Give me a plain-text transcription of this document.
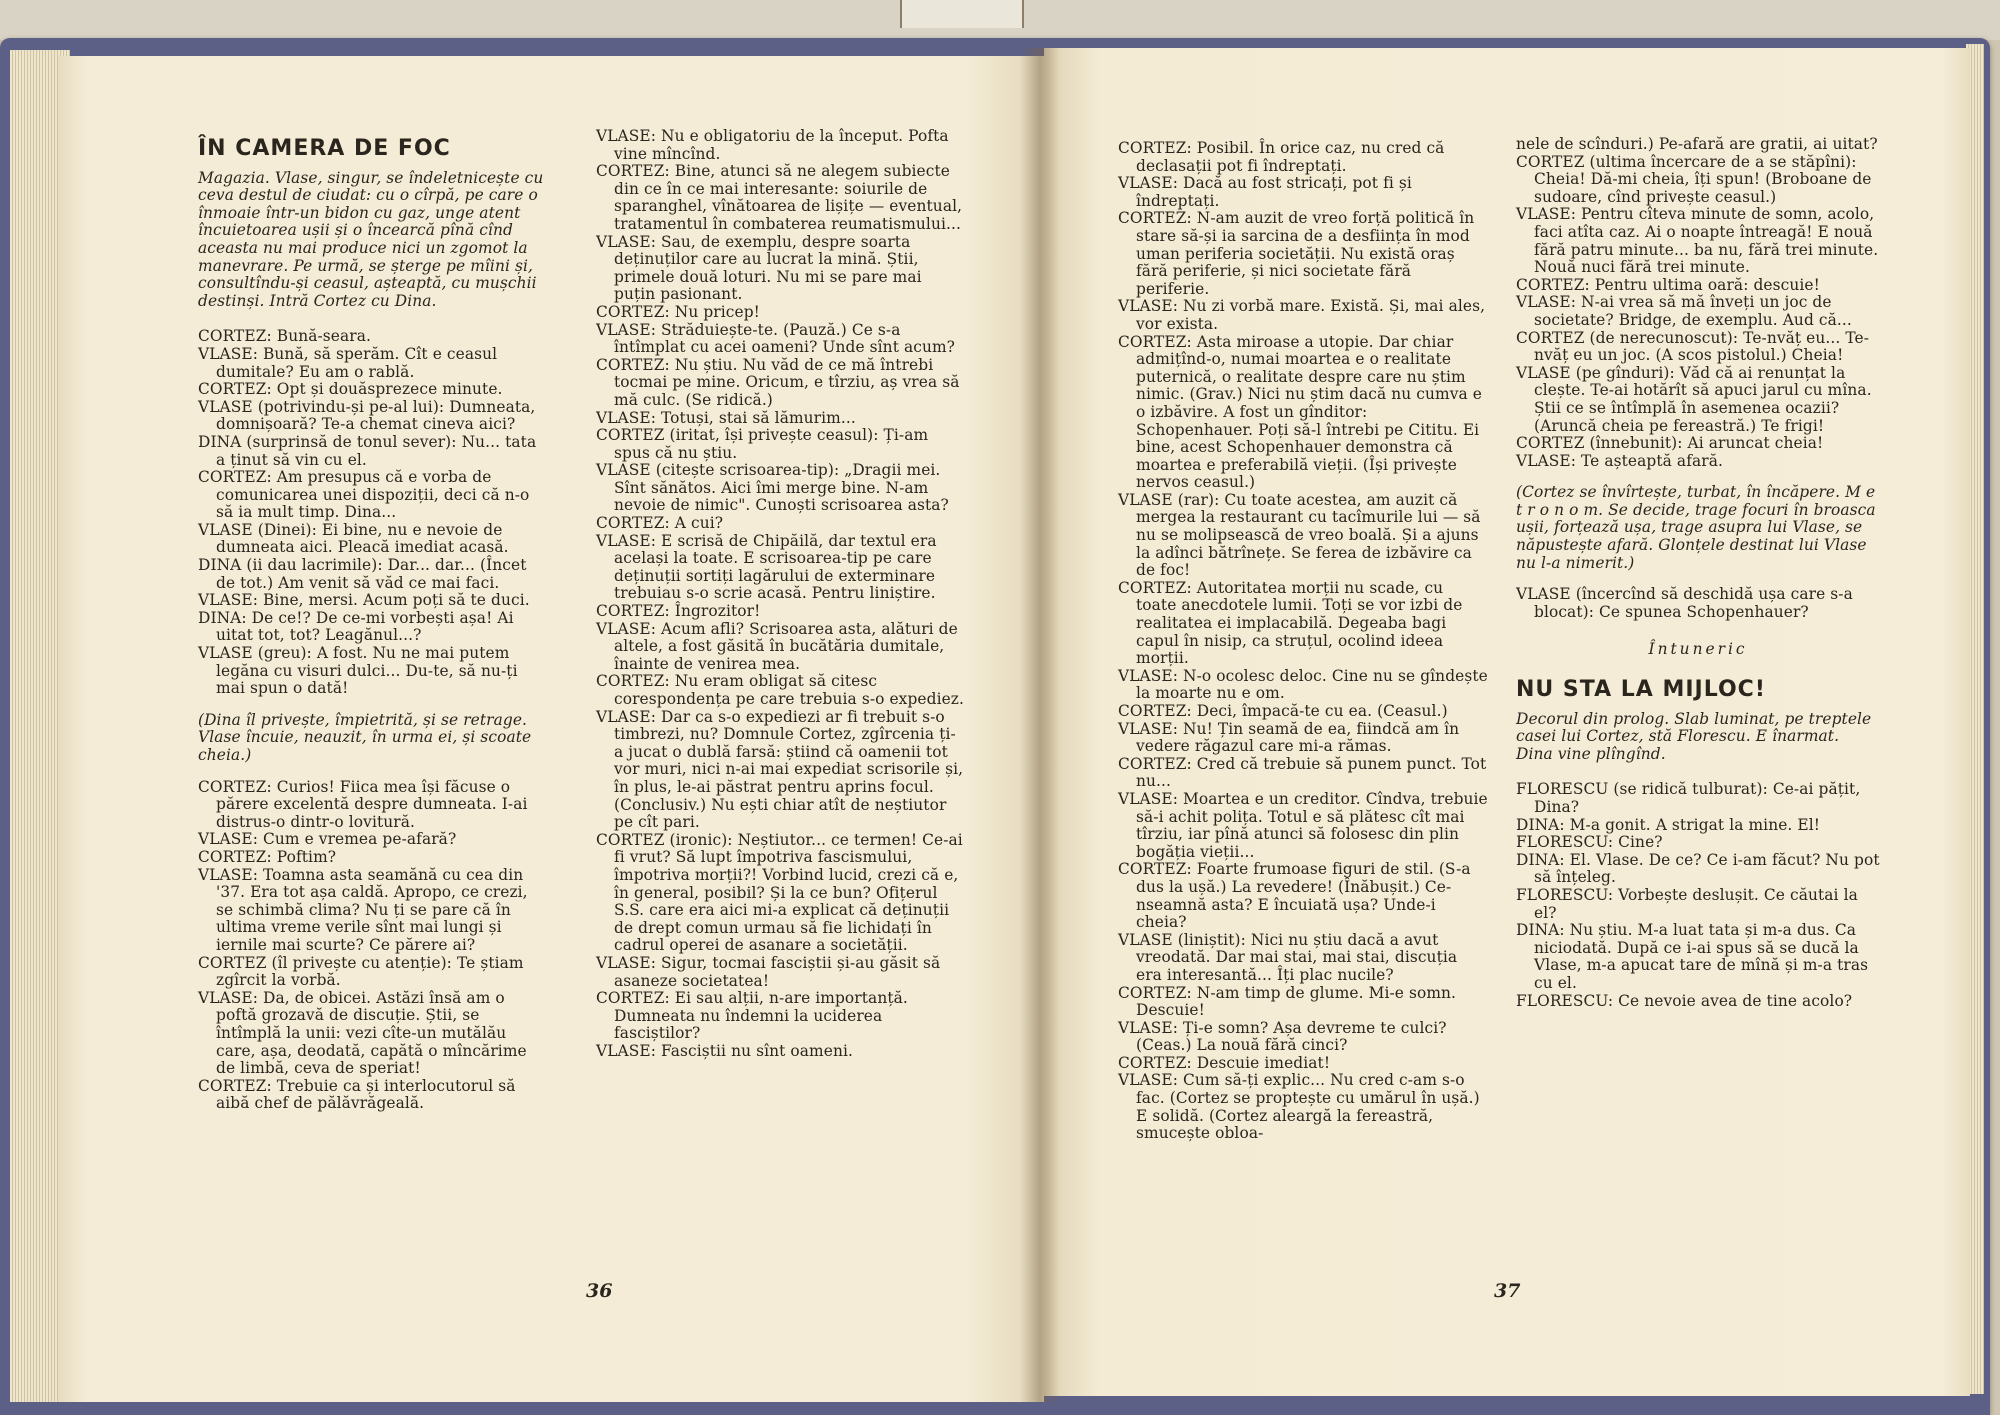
ÎN CAMERA DE FOC

Magazia. Vlase, singur, se îndeletnicește cu ceva destul de ciudat: cu o cîrpă, pe care o înmoaie într-un bidon cu gaz, unge atent încuietoarea ușii și o încearcă pînă cînd aceasta nu mai produce nici un zgomot la manevrare. Pe urmă, se șterge pe mîini și, consultîndu-și ceasul, așteaptă, cu mușchii destinși. Intră Cortez cu Dina.

CORTEZ: Bună-seara.

VLASE: Bună, să sperăm. Cît e ceasul dumitale? Eu am o rablă.

CORTEZ: Opt și douăsprezece minute.

VLASE (potrivindu-și pe-al lui): Dumneata, domnișoară? Te-a chemat cineva aici?

DINA (surprinsă de tonul sever): Nu... tata a ținut să vin cu el.

CORTEZ: Am presupus că e vorba de comunicarea unei dispoziții, deci că n-o să ia mult timp. Dina...

VLASE (Dinei): Ei bine, nu e nevoie de dumneata aici. Pleacă imediat acasă.

DINA (ii dau lacrimile): Dar... dar... (Încet de tot.) Am venit să văd ce mai faci.

VLASE: Bine, mersi. Acum poți să te duci.

DINA: De ce!? De ce-mi vorbești așa! Ai uitat tot, tot? Leagănul...?

VLASE (greu): A fost. Nu ne mai putem legăna cu visuri dulci... Du-te, să nu-ți mai spun o dată!

(Dina îl privește, împietrită, și se retrage. Vlase încuie, neauzit, în urma ei, și scoate cheia.)

CORTEZ: Curios! Fiica mea își făcuse o părere excelentă despre dumneata. I-ai distrus-o dintr-o lovitură.

VLASE: Cum e vremea pe-afară?

CORTEZ: Poftim?

VLASE: Toamna asta seamănă cu cea din '37. Era tot așa caldă. Apropo, ce crezi, se schimbă clima? Nu ți se pare că în ultima vreme verile sînt mai lungi și iernile mai scurte? Ce părere ai?

CORTEZ (îl privește cu atenție): Te știam zgîrcit la vorbă.

VLASE: Da, de obicei. Astăzi însă am o poftă grozavă de discuție. Știi, se întîmplă la unii: vezi cîte-un mutălău care, așa, deodată, capătă o mîncărime de limbă, ceva de speriat!

CORTEZ: Trebuie ca și interlocutorul să aibă chef de pălăvrăgeală.

VLASE: Nu e obligatoriu de la început. Pofta vine mîncînd.

CORTEZ: Bine, atunci să ne alegem subiecte din ce în ce mai interesante: soiurile de sparanghel, vînătoarea de lișițe — eventual, tratamentul în combaterea reumatismului...

VLASE: Sau, de exemplu, despre soarta deținuților care au lucrat la mină. Știi, primele două loturi. Nu mi se pare mai puțin pasionant.

CORTEZ: Nu pricep!

VLASE: Străduiește-te. (Pauză.) Ce s-a întîmplat cu acei oameni? Unde sînt acum?

CORTEZ: Nu știu. Nu văd de ce mă întrebi tocmai pe mine. Oricum, e tîrziu, aș vrea să mă culc. (Se ridică.)

VLASE: Totuși, stai să lămurim...

CORTEZ (iritat, își privește ceasul): Ți-am spus că nu știu.

VLASE (citește scrisoarea-tip): „Dragii mei. Sînt sănătos. Aici îmi merge bine. N-am nevoie de nimic". Cunoști scrisoarea asta?

CORTEZ: A cui?

VLASE: E scrisă de Chipăilă, dar textul era același la toate. E scrisoarea-tip pe care deținuții sortiți lagărului de exterminare trebuiau s-o scrie acasă. Pentru liniștire.

CORTEZ: Îngrozitor!

VLASE: Acum afli? Scrisoarea asta, alături de altele, a fost găsită în bucătăria dumitale, înainte de venirea mea.

CORTEZ: Nu eram obligat să citesc corespondența pe care trebuia s-o expediez.

VLASE: Dar ca s-o expediezi ar fi trebuit s-o timbrezi, nu? Domnule Cortez, zgîrcenia ți-a jucat o dublă farsă: știind că oamenii tot vor muri, nici n-ai mai expediat scrisorile și, în plus, le-ai păstrat pentru aprins focul. (Conclusiv.) Nu ești chiar atît de neștiutor pe cît pari.

CORTEZ (ironic): Neștiutor... ce termen! Ce-ai fi vrut? Să lupt împotriva fascismului, împotriva morții?! Vorbind lucid, crezi că e, în general, posibil? Și la ce bun? Ofițerul S.S. care era aici mi-a explicat că deținuții de drept comun urmau să fie lichidați în cadrul operei de asanare a societății.

VLASE: Sigur, tocmai fasciștii și-au găsit să asaneze societatea!

CORTEZ: Ei sau alții, n-are importanță. Dumneata nu îndemni la uciderea fasciștilor?

VLASE: Fasciștii nu sînt oameni.

36

CORTEZ: Posibil. În orice caz, nu cred că declasații pot fi îndreptați.

VLASE: Dacă au fost stricați, pot fi și îndreptați.

CORTEZ: N-am auzit de vreo forță politică în stare să-și ia sarcina de a desființa în mod uman periferia societății. Nu există oraș fără periferie, și nici societate fără periferie.

VLASE: Nu zi vorbă mare. Există. Și, mai ales, vor exista.

CORTEZ: Asta miroase a utopie. Dar chiar admițînd-o, numai moartea e o realitate puternică, o realitate despre care nu știm nimic. (Grav.) Nici nu știm dacă nu cumva e o izbăvire. A fost un gînditor: Schopenhauer. Poți să-l întrebi pe Cititu. Ei bine, acest Schopenhauer demonstra că moartea e preferabilă vieții. (Își privește nervos ceasul.)

VLASE (rar): Cu toate acestea, am auzit că mergea la restaurant cu tacîmurile lui — să nu se molipsească de vreo boală. Și a ajuns la adînci bătrînețe. Se ferea de izbăvire ca de foc!

CORTEZ: Autoritatea morții nu scade, cu toate anecdotele lumii. Toți se vor izbi de realitatea ei implacabilă. Degeaba bagi capul în nisip, ca struțul, ocolind ideea morții.

VLASE: N-o ocolesc deloc. Cine nu se gîndește la moarte nu e om.

CORTEZ: Deci, împacă-te cu ea. (Ceasul.)

VLASE: Nu! Țin seamă de ea, fiindcă am în vedere răgazul care mi-a rămas.

CORTEZ: Cred că trebuie să punem punct. Tot nu...

VLASE: Moartea e un creditor. Cîndva, trebuie să-i achit polița. Totul e să plătesc cît mai tîrziu, iar pînă atunci să folosesc din plin bogăția vieții...

CORTEZ: Foarte frumoase figuri de stil. (S-a dus la ușă.) La revedere! (Înăbușit.) Ce-nseamnă asta? E încuiată ușa? Unde-i cheia?

VLASE (liniștit): Nici nu știu dacă a avut vreodată. Dar mai stai, mai stai, discuția era interesantă... Îți plac nucile?

CORTEZ: N-am timp de glume. Mi-e somn. Descuie!

VLASE: Ți-e somn? Așa devreme te culci? (Ceas.) La nouă fără cinci?

CORTEZ: Descuie imediat!

VLASE: Cum să-ți explic... Nu cred c-am s-o fac. (Cortez se proptește cu umărul în ușă.) E solidă. (Cortez aleargă la fereastră, smucește obloa-

nele de scînduri.) Pe-afară are gratii, ai uitat?

CORTEZ (ultima încercare de a se stăpîni): Cheia! Dă-mi cheia, îți spun! (Broboane de sudoare, cînd privește ceasul.)

VLASE: Pentru cîteva minute de somn, acolo, faci atîta caz. Ai o noapte întreagă! E nouă fără patru minute... ba nu, fără trei minute. Nouă nuci fără trei minute.

CORTEZ: Pentru ultima oară: descuie!

VLASE: N-ai vrea să mă înveți un joc de societate? Bridge, de exemplu. Aud că...

CORTEZ (de nerecunoscut): Te-nvăț eu... Te-nvăț eu un joc. (A scos pistolul.) Cheia!

VLASE (pe gînduri): Văd că ai renunțat la clește. Te-ai hotărît să apuci jarul cu mîna. Știi ce se întîmplă în asemenea ocazii? (Aruncă cheia pe fereastră.) Te frigi!

CORTEZ (înnebunit): Ai aruncat cheia!

VLASE: Te așteaptă afară.

(Cortez se învîrtește, turbat, în încăpere. M e t r o n o m. Se decide, trage focuri în broasca ușii, forțează ușa, trage asupra lui Vlase, se năpustește afară. Glonțele destinat lui Vlase nu l-a nimerit.)

VLASE (încercînd să deschidă ușa care s-a blocat): Ce spunea Schopenhauer?

Întuneric
NU STA LA MIJLOC!

Decorul din prolog. Slab luminat, pe treptele casei lui Cortez, stă Florescu. E înarmat. Dina vine plîngînd.

FLORESCU (se ridică tulburat): Ce-ai pățit, Dina?

DINA: M-a gonit. A strigat la mine. El!

FLORESCU: Cine?

DINA: El. Vlase. De ce? Ce i-am făcut? Nu pot să înțeleg.

FLORESCU: Vorbește deslușit. Ce căutai la el?

DINA: Nu știu. M-a luat tata și m-a dus. Ca niciodată. După ce i-ai spus să se ducă la Vlase, m-a apucat tare de mînă și m-a tras cu el.

FLORESCU: Ce nevoie avea de tine acolo?

37
